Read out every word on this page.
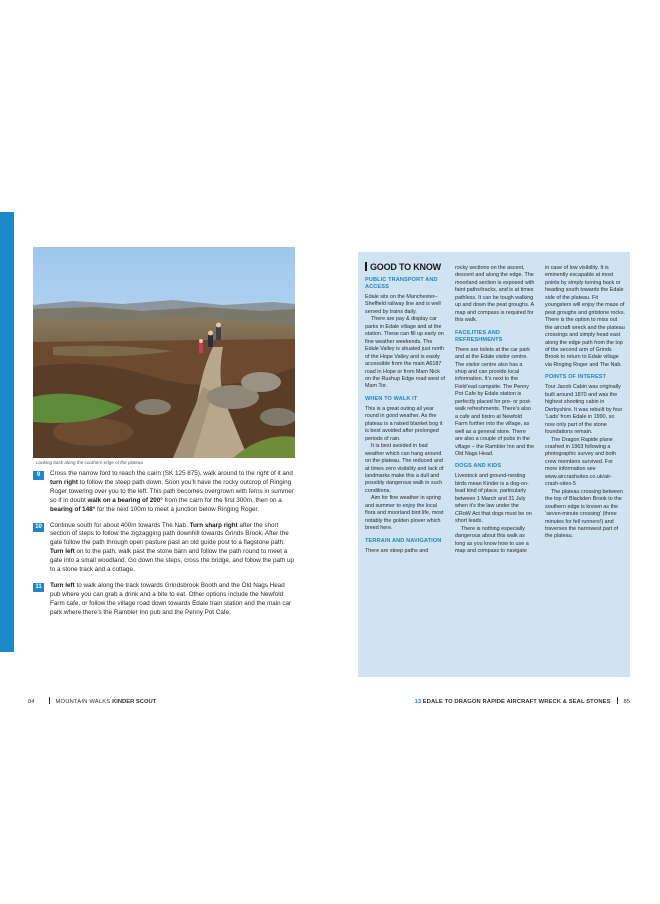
Looking back along the southern edge of the plateau
9	Cross the narrow ford to reach the cairn (SK 125 875), walk around to the right of it and turn right to follow the steep path down. Soon you’ll have the rocky outcrop of Ringing Roger towering over you to the left. This path becomes overgrown with ferns in summer so if in doubt walk on a bearing of 200° from the cairn for the first 300m, then on a bearing of 148° for the next 100m to meet a junction below Ringing Roger.

10	Continue south for about 400m towards The Nab. Turn sharp right after the short section of steps to follow the zigzagging path downhill towards Grinds Brook. After the gate follow the path through open pasture past an old guide post to a flagstone path. Turn left on to the path, walk past the stone barn and follow the path round to meet a gate into a small woodland. Go down the steps, cross the bridge, and follow the path up to a stone track and a cottage.

11	Turn left to walk along the track towards Grindsbrook Booth and the Old Nags Head pub where you can grab a drink and a bite to eat. Other options include the Newfold Farm cafe, or follow the village road down towards Edale train station and the main car park where there’s the Rambler Inn pub and the Penny Pot Cafe.

GOOD TO KNOW
PUBLIC TRANSPORT AND ACCESS

Edale sits on the Manchester–Sheffield railway line and is well served by trains daily.

There are pay & display car parks in Edale village and at the station. These can fill up early on fine weather weekends. The Edale Valley is situated just north of the Hope Valley and is easily accessible from the main A6187 road in Hope or from Mam Nick on the Rushup Edge road west of Mam Tor.

WHEN TO WALK IT

This is a great outing all year round in good weather. As the plateau is a raised blanket bog it is best avoided after prolonged periods of rain.

It is best avoided in bad weather which can hang around on the plateau. The reduced and at times zero visibility and lack of landmarks make this a dull and possibly dangerous walk in such conditions.

Aim for fine weather in spring and summer to enjoy the local flora and moorland bird life, most notably the golden plover which breed here.

TERRAIN AND NAVIGATION

There are steep paths and

rocky sections on the ascent, descent and along the edge. The moorland section is exposed with faint paths/tracks, and is at times pathless. It can be tough walking up and down the peat groughs. A map and compass is required for this walk.

FACILITIES AND REFRESHMENTS

There are toilets at the car park and at the Edale visitor centre. The visitor centre also has a shop and can provide local information. It’s next to the Field’ead campsite. The Penny Pot Cafe by Edale station is perfectly placed for pre- or post-walk refreshments. There’s also a cafe and bistro at Newfold Farm further into the village, as well as a general store. There are also a couple of pubs in the village – the Rambler Inn and the Old Nags Head.

DOGS AND KIDS

Livestock and ground-nesting birds mean Kinder is a dog-on-lead kind of place, particularly between 1 March and 31 July when it’s the law under the CRoW Act that dogs must be on short leads.

There is nothing especially dangerous about this walk as long as you know how to use a map and compass to navigate

in case of low visibility. It is eminently escapable at most points by simply turning back or heading south towards the Edale side of the plateau. Fit youngsters will enjoy the maze of peat groughs and gritstone rocks. There is the option to miss out the aircraft wreck and the plateau crossings and simply head east along the edge path from the top of the second arm of Grinds Brook to return to Edale village via Ringing Roger and The Nab.

POINTS OF INTEREST

Tour Jacob Cabin was originally built around 1870 and was the highest shooting cabin in Derbyshire. It was rebuilt by four ‘Lads’ from Edale in 1990, so now only part of the stone foundations remain.

The Dragon Rapide plane crashed in 1963 following a photographic survey and both crew members survived. For more information see www.aircrashsites.co.uk/air-crash-sites-5

The plateau crossing between the top of Blackden Brook to the southern edge is known as the ‘seven-minute crossing’ (three minutes for fell runners!) and traverses the narrowest part of the plateau.

84	MOUNTAIN WALKS KINDER SCOUT	13 EDALE TO DRAGON RAPIDE AIRCRAFT WRECK & SEAL STONES 85
